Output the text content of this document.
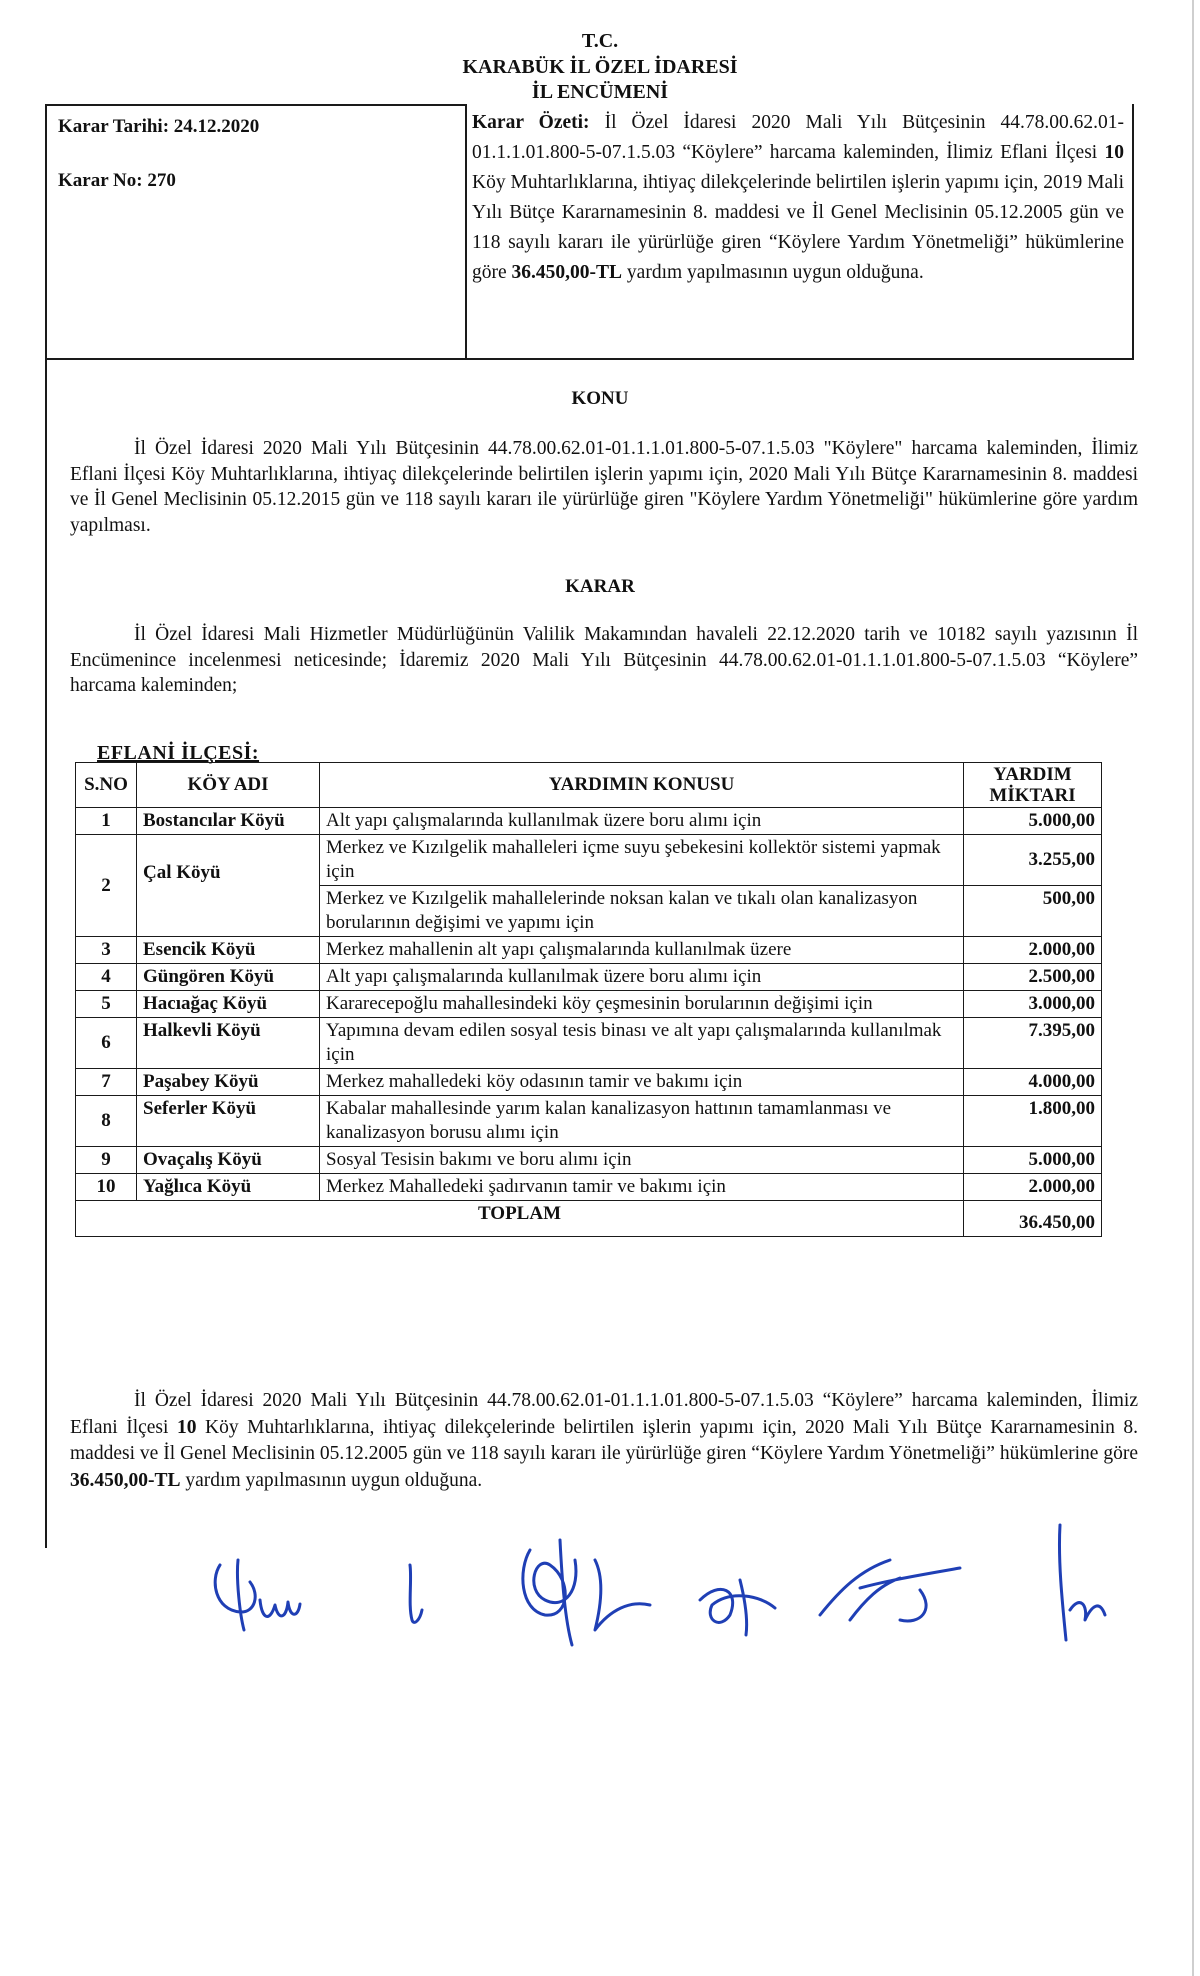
T.C.
KARABÜK İL ÖZEL İDARESİ
İL ENCÜMENİ
Karar Tarihi: 24.12.2020
Karar No: 270
Karar Özeti: İl Özel İdaresi 2020 Mali Yılı Bütçesinin 44.78.00.62.01-01.1.1.01.800-5-07.1.5.03 “Köylere” harcama kaleminden, İlimiz Eflani İlçesi 10 Köy Muhtarlıklarına, ihtiyaç dilekçelerinde belirtilen işlerin yapımı için, 2019 Mali Yılı Bütçe Kararnamesinin 8. maddesi ve İl Genel Meclisinin 05.12.2005 gün ve 118 sayılı kararı ile yürürlüğe giren “Köylere Yardım Yönetmeliği” hükümlerine göre 36.450,00-TL yardım yapılmasının uygun olduğuna.
KONU
İl Özel İdaresi 2020 Mali Yılı Bütçesinin 44.78.00.62.01-01.1.1.01.800-5-07.1.5.03 "Köylere" harcama kaleminden, İlimiz Eflani İlçesi Köy Muhtarlıklarına, ihtiyaç dilekçelerinde belirtilen işlerin yapımı için, 2020 Mali Yılı Bütçe Kararnamesinin 8. maddesi ve İl Genel Meclisinin 05.12.2015 gün ve 118 sayılı kararı ile yürürlüğe giren "Köylere Yardım Yönetmeliği" hükümlerine göre yardım yapılması.
KARAR
İl Özel İdaresi Mali Hizmetler Müdürlüğünün Valilik Makamından havaleli 22.12.2020 tarih ve 10182 sayılı yazısının İl Encümenince incelenmesi neticesinde; İdaremiz 2020 Mali Yılı Bütçesinin 44.78.00.62.01-01.1.1.01.800-5-07.1.5.03 “Köylere” harcama kaleminden;
EFLANİ İLÇESİ:
S.NO	KÖY ADI	YARDIMIN KONUSU	YARDIM MİKTARI
1	Bostancılar Köyü	Alt yapı çalışmalarında kullanılmak üzere boru alımı için	5.000,00
2	Çal Köyü	Merkez ve Kızılgelik mahalleleri içme suyu şebekesini kollektör sistemi yapmak için	3.255,00
		Merkez ve Kızılgelik mahallelerinde noksan kalan ve tıkalı olan kanalizasyon borularının değişimi ve yapımı için	500,00
3	Esencik Köyü	Merkez mahallenin alt yapı çalışmalarında kullanılmak üzere	2.000,00
4	Güngören Köyü	Alt yapı çalışmalarında kullanılmak üzere boru alımı için	2.500,00
5	Hacıağaç Köyü	Kararecepoğlu mahallesindeki köy çeşmesinin borularının değişimi için	3.000,00
6	Halkevli Köyü	Yapımına devam edilen sosyal tesis binası ve alt yapı çalışmalarında kullanılmak için	7.395,00
7	Paşabey Köyü	Merkez mahalledeki köy odasının tamir ve bakımı için	4.000,00
8	Seferler Köyü	Kabalar mahallesinde yarım kalan kanalizasyon hattının tamamlanması ve kanalizasyon borusu alımı için	1.800,00
9	Ovaçalış Köyü	Sosyal Tesisin bakımı ve boru alımı için	5.000,00
10	Yağlıca Köyü	Merkez Mahalledeki şadırvanın tamir ve bakımı için	2.000,00
TOPLAM			36.450,00
İl Özel İdaresi 2020 Mali Yılı Bütçesinin 44.78.00.62.01-01.1.1.01.800-5-07.1.5.03 “Köylere” harcama kaleminden, İlimiz Eflani İlçesi 10 Köy Muhtarlıklarına, ihtiyaç dilekçelerinde belirtilen işlerin yapımı için, 2020 Mali Yılı Bütçe Kararnamesinin 8. maddesi ve İl Genel Meclisinin 05.12.2005 gün ve 118 sayılı kararı ile yürürlüğe giren “Köylere Yardım Yönetmeliği” hükümlerine göre 36.450,00-TL yardım yapılmasının uygun olduğuna.
